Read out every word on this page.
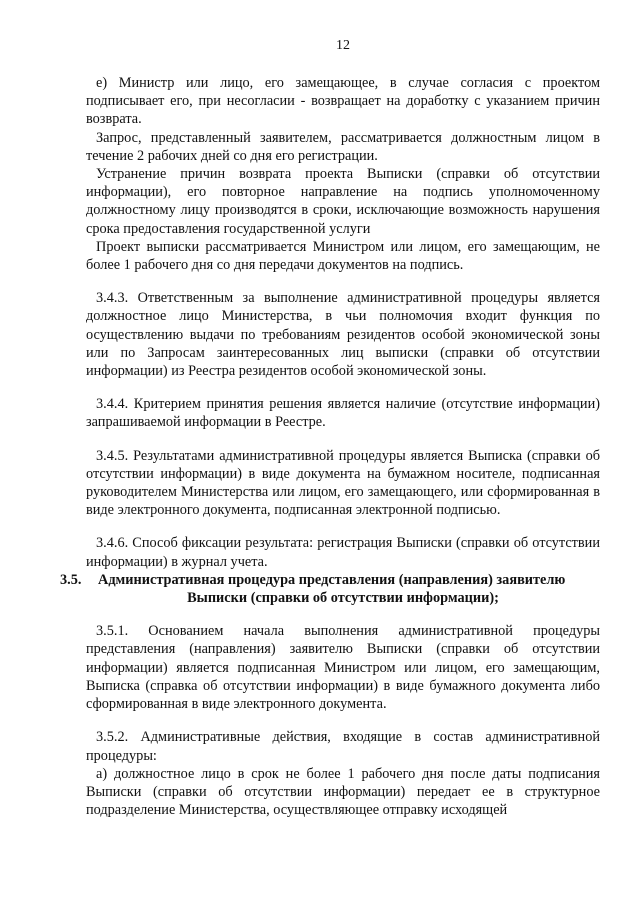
12

е) Министр или лицо, его замещающее, в случае согласия с проектом подписывает его, при несогласии - возвращает на доработку с указанием причин возврата.

Запрос, представленный заявителем, рассматривается должностным лицом в течение 2 рабочих дней со дня его регистрации.

Устранение причин возврата проекта Выписки (справки об отсутствии информации), его повторное направление на подпись уполномоченному должностному лицу производятся в сроки, исключающие возможность нарушения срока предоставления государственной услуги

Проект выписки рассматривается Министром или лицом, его замещающим, не более 1 рабочего дня со дня передачи документов на подпись.

3.4.3. Ответственным за выполнение административной процедуры является должностное лицо Министерства, в чьи полномочия входит функция по осуществлению выдачи по требованиям резидентов особой экономической зоны или по Запросам заинтересованных лиц выписки (справки об отсутствии информации) из Реестра резидентов особой экономической зоны.

3.4.4. Критерием принятия решения является наличие (отсутствие информации) запрашиваемой информации в Реестре.

3.4.5. Результатами административной процедуры является Выписка (справки об отсутствии информации) в виде документа на бумажном носителе, подписанная руководителем Министерства или лицом, его замещающего, или сформированная в виде электронного документа, подписанная электронной подписью.

3.4.6. Способ фиксации результата: регистрация Выписки (справки об отсутствии информации) в журнал учета.

3.5. Административная процедура представления (направления) заявителю
Выписки (справки об отсутствии информации);

3.5.1. Основанием начала выполнения административной процедуры представления (направления) заявителю Выписки (справки об отсутствии информации) является подписанная Министром или лицом, его замещающим, Выписка (справка об отсутствии информации) в виде бумажного документа либо сформированная в виде электронного документа.

3.5.2. Административные действия, входящие в состав административной процедуры:

а) должностное лицо в срок не более 1 рабочего дня после даты подписания Выписки (справки об отсутствии информации) передает ее в структурное подразделение Министерства, осуществляющее отправку исходящей
